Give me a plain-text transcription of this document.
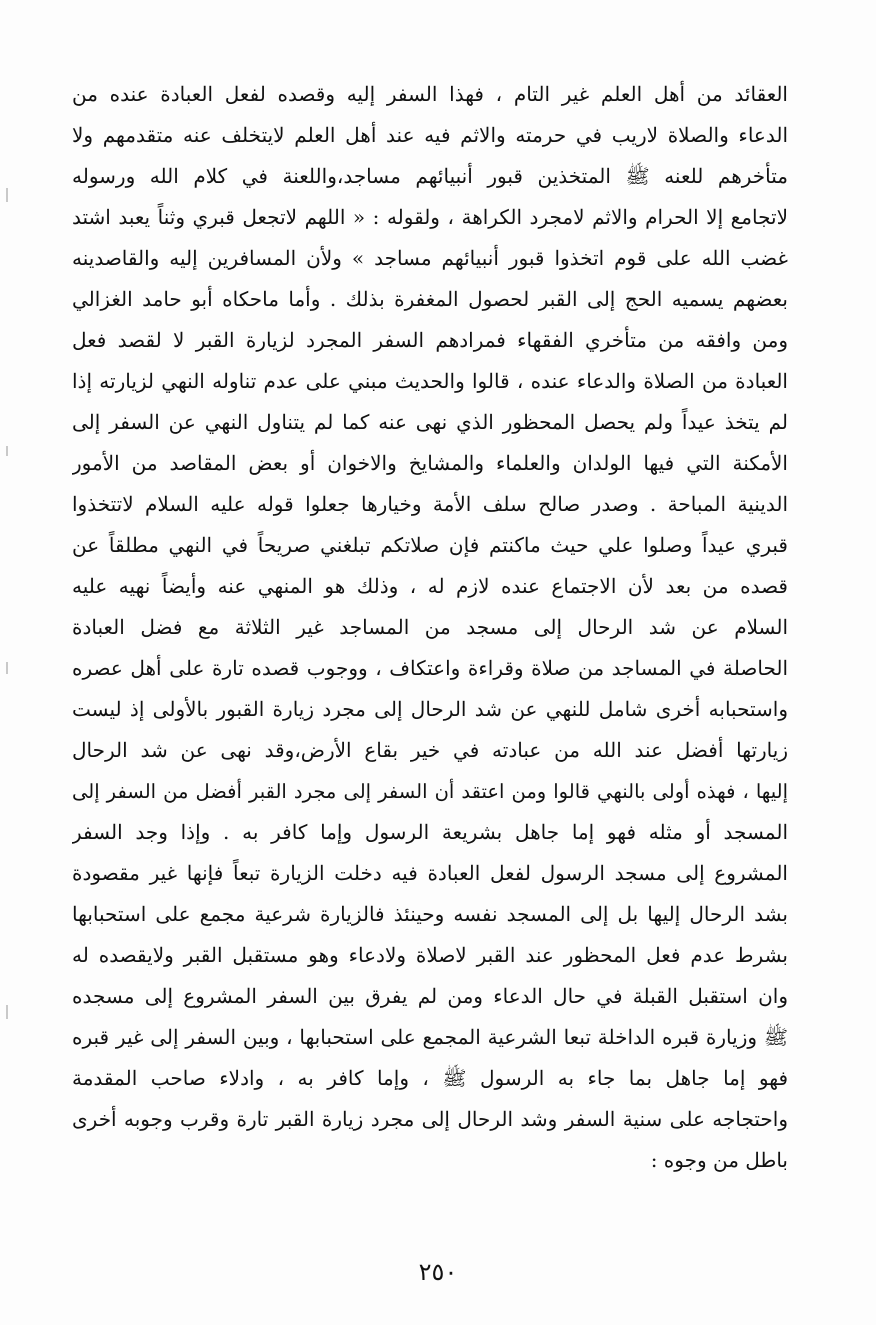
العقائد من أهل العلم غير التام ، فهذا السفر إليه وقصده لفعل العبادة عنده من
الدعاء والصلاة لاريب في حرمته والاثم فيه عند أهل العلم لايتخلف عنه متقدمهم ولا
متأخرهم للعنه ﷺ المتخذين قبور أنبيائهم مساجد،واللعنة في كلام الله ورسوله
لاتجامع إلا الحرام والاثم لامجرد الكراهة ، ولقوله : « اللهم لاتجعل قبري وثناً يعبد اشتد
غضب الله على قوم اتخذوا قبور أنبيائهم مساجد » ولأن المسافرين إليه والقاصدينه
بعضهم يسميه الحج إلى القبر لحصول المغفرة بذلك . وأما ماحكاه أبو حامد الغزالي
ومن وافقه من متأخري الفقهاء فمرادهم السفر المجرد لزيارة القبر لا لقصد فعل
العبادة من الصلاة والدعاء عنده ، قالوا والحديث مبني على عدم تناوله النهي لزيارته إذا
لم يتخذ عيداً ولم يحصل المحظور الذي نهى عنه كما لم يتناول النهي عن السفر إلى
الأمكنة التي فيها الولدان والعلماء والمشايخ والاخوان أو بعض المقاصد من الأمور
الدينية المباحة . وصدر صالح سلف الأمة وخيارها جعلوا قوله عليه السلام لاتتخذوا
قبري عيداً وصلوا علي حيث ماكنتم فإن صلاتكم تبلغني صريحاً في النهي مطلقاً عن
قصده من بعد لأن الاجتماع عنده لازم له ، وذلك هو المنهي عنه وأيضاً نهيه عليه
السلام عن شد الرحال إلى مسجد من المساجد غير الثلاثة مع فضل العبادة
الحاصلة في المساجد من صلاة وقراءة واعتكاف ، ووجوب قصده تارة على أهل عصره
واستحبابه أخرى شامل للنهي عن شد الرحال إلى مجرد زيارة القبور بالأولى إذ ليست
زيارتها أفضل عند الله من عبادته في خير بقاع الأرض،وقد نهى عن شد الرحال
إليها ، فهذه أولى بالنهي قالوا ومن اعتقد أن السفر إلى مجرد القبر أفضل من السفر إلى
المسجد أو مثله فهو إما جاهل بشريعة الرسول وإما كافر به . وإذا وجد السفر
المشروع إلى مسجد الرسول لفعل العبادة فيه دخلت الزيارة تبعاً فإنها غير مقصودة
بشد الرحال إليها بل إلى المسجد نفسه وحينئذ فالزيارة شرعية مجمع على استحبابها
بشرط عدم فعل المحظور عند القبر لاصلاة ولادعاء وهو مستقبل القبر ولايقصده له
وان استقبل القبلة في حال الدعاء ومن لم يفرق بين السفر المشروع إلى مسجده
ﷺ وزيارة قبره الداخلة تبعا الشرعية المجمع على استحبابها ، وبين السفر إلى غير قبره
فهو إما جاهل بما جاء به الرسول ﷺ ، وإما كافر به ، وادلاء صاحب المقدمة
واحتجاجه على سنية السفر وشد الرحال إلى مجرد زيارة القبر تارة وقرب وجوبه أخرى
باطل من وجوه :
٢٥٠
